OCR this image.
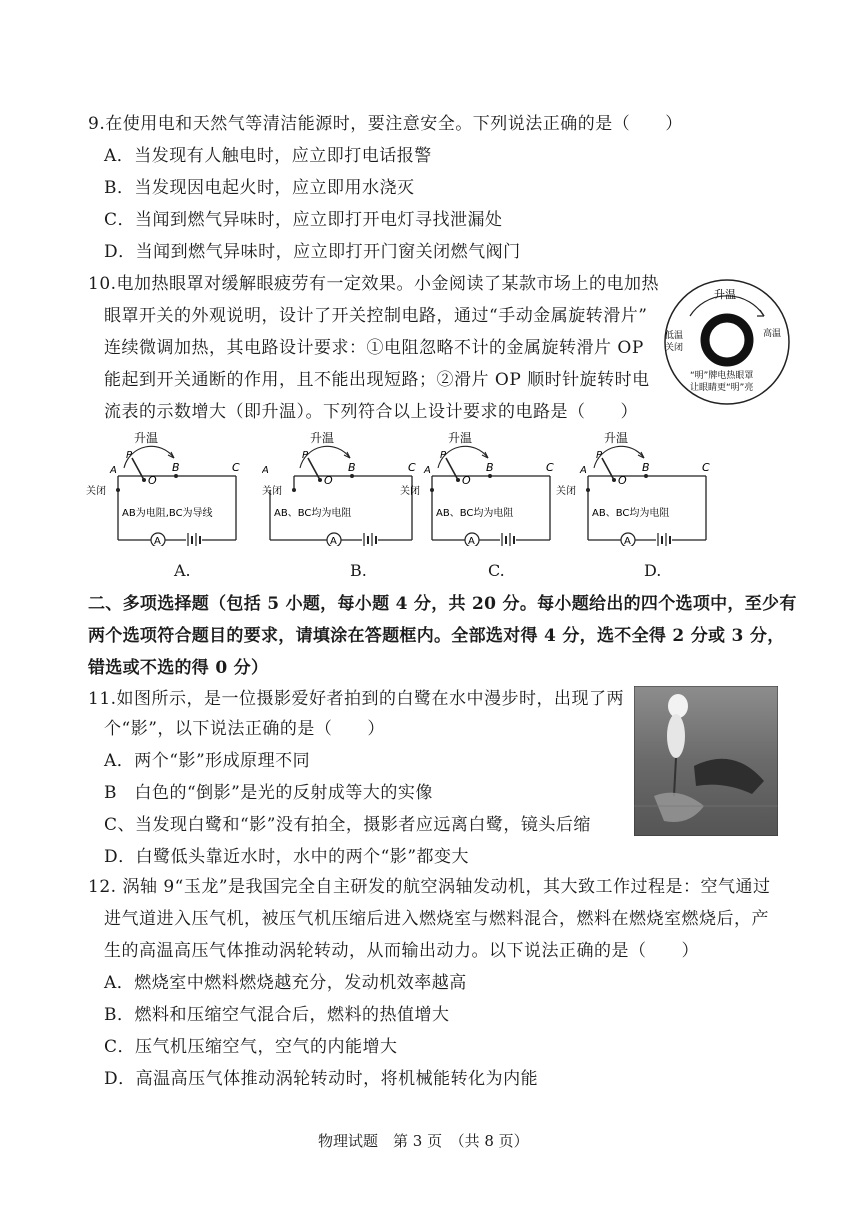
9.在使用电和天然气等清洁能源时，要注意安全。下列说法正确的是（　　）
A．当发现有人触电时，应立即打电话报警
B．当发现因电起火时，应立即用水浇灭
C．当闻到燃气异味时，应立即打开电灯寻找泄漏处
D．当闻到燃气异味时，应立即打开门窗关闭燃气阀门
10.电加热眼罩对缓解眼疲劳有一定效果。小金阅读了某款市场上的电加热
眼罩开关的外观说明，设计了开关控制电路，通过“手动金属旋转滑片”
连续微调加热，其电路设计要求：①电阻忽略不计的金属旋转滑片 OP
能起到开关通断的作用，且不能出现短路；②滑片 OP 顺时针旋转时电
流表的示数增大（即升温）。下列符合以上设计要求的电路是（　　）
升温
低温
关闭
高温
“明”牌电热眼罩
让眼睛更“明”亮
升温
A	B	C
P
O
关闭
AB为电阻,BC为导线
A
A.
升温
A	B	C
P
O
关闭
AB、BC均为电阻
A
B.
升温
A	B	C
P
O
关闭
AB、BC均为电阻
A
C.
升温
A	B	C
P
O
关闭
AB、BC均为电阻
A
D.
二、多项选择题（包括 5 小题，每小题 4 分，共 20 分。每小题给出的四个选项中，至少有
两个选项符合题目的要求，请填涂在答题框内。全部选对得 4 分，选不全得 2 分或 3 分，
错选或不选的得 0 分）
11.如图所示，是一位摄影爱好者拍到的白鹭在水中漫步时，出现了两
个“影”，以下说法正确的是（　　）
A．两个“影”形成原理不同
B　白色的“倒影”是光的反射成等大的实像
C、当发现白鹭和“影”没有拍全，摄影者应远离白鹭，镜头后缩
D．白鹭低头靠近水时，水中的两个“影”都变大
12. 涡轴 9“玉龙”是我国完全自主研发的航空涡轴发动机，其大致工作过程是：空气通过
进气道进入压气机，被压气机压缩后进入燃烧室与燃料混合，燃料在燃烧室燃烧后，产
生的高温高压气体推动涡轮转动，从而输出动力。以下说法正确的是（　　）
A．燃烧室中燃料燃烧越充分，发动机效率越高
B．燃料和压缩空气混合后，燃料的热值增大
C．压气机压缩空气，空气的内能增大
D．高温高压气体推动涡轮转动时，将机械能转化为内能
物理试题　第 3 页　（共 8 页）
